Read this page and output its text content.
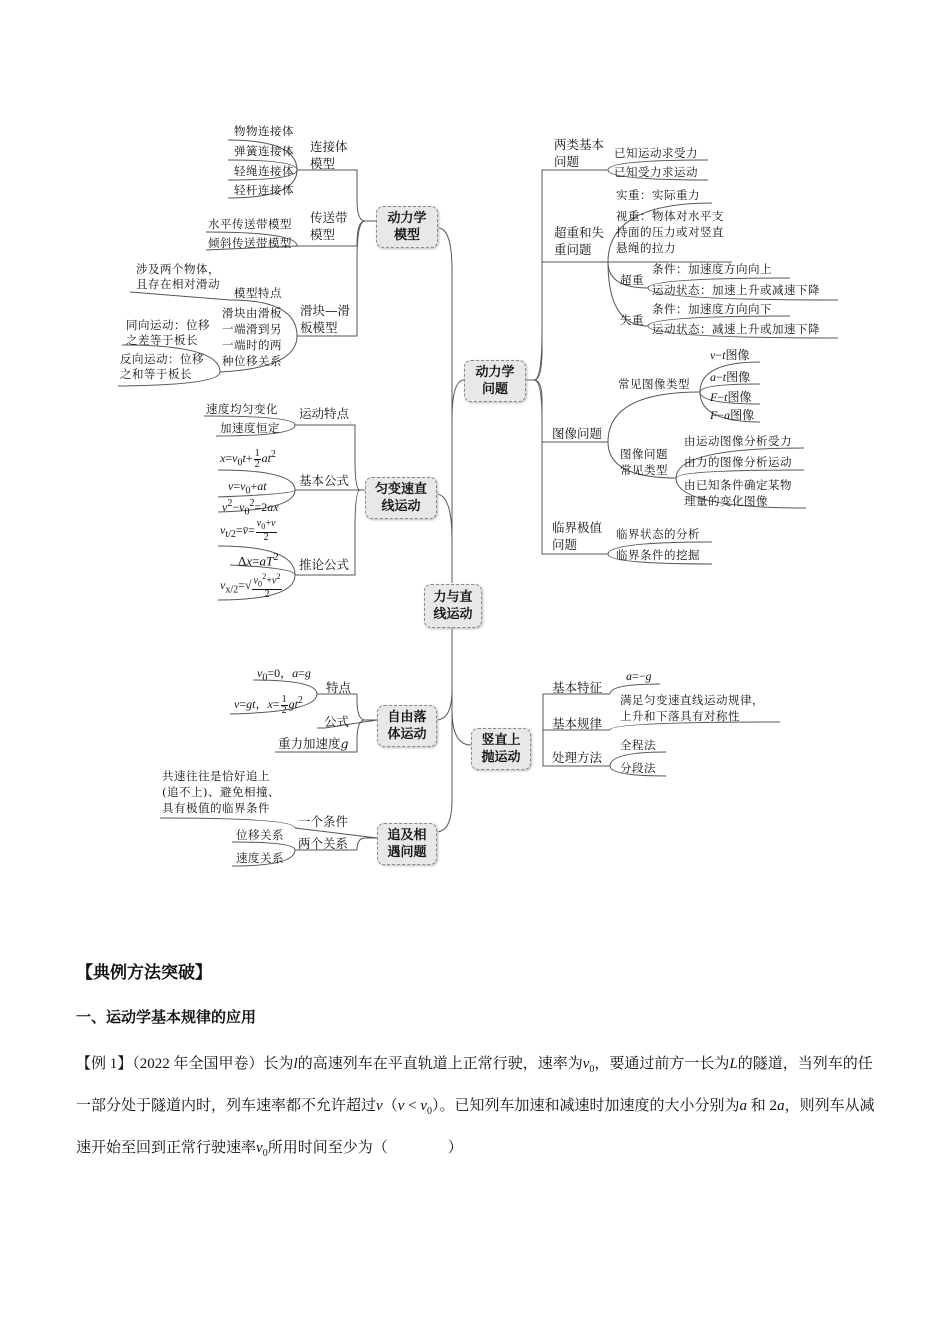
力与直
线运动
动力学
模型
连接体
模型
物物连接体
弹簧连接体
轻绳连接体
轻杆连接体
传送带
模型
水平传送带模型
倾斜传送带模型
滑块—滑
板模型
涉及两个物体，
且存在相对滑动
模型特点
滑块由滑板
一端滑到另
一端时的两
种位移关系
同向运动：位移
之差等于板长
反向运动：位移
之和等于板长
匀变速直
线运动
运动特点
速度均匀变化
加速度恒定
基本公式
$x=v_0t+ \frac{1}{2} at^2$
$v=v_0+at$
$v^2-v_0^2=2ax$
推论公式
$v_{t/2}=v̄= \frac{v_0+v}{2}$
$\Delta x=aT^2$
$v_{x/2}=√ \frac{v_0^2+v^2}{2}$
自由落
体运动
$v_0=0$，a=g
特点
v=gt，$x= \frac{1}{2} gt^2$
公式
重力加速度g
追及相
遇问题
共速往往是恰好追上
(追不上)、避免相撞、
具有极值的临界条件
一个条件
两个关系
位移关系
速度关系
动力学
问题
两类基本
问题
已知运动求受力
已知受力求运动
超重和失
重问题
实重：实际重力
视重：物体对水平支
持面的压力或对竖直
悬绳的拉力
超重
条件：加速度方向向上
运动状态：加速上升或减速下降
失重
条件：加速度方向向下
运动状态：减速上升或加速下降
图像问题
常见图像类型
v−t图像
a−t图像
F−t图像
F−a图像
图像问题
常见类型
由运动图像分析受力
由力的图像分析运动
由已知条件确定某物
理量的变化图像
临界极值
问题
临界状态的分析
临界条件的挖掘
竖直上
抛运动
基本特征
a=−g
基本规律
满足匀变速直线运动规律，
上升和下落具有对称性
处理方法
全程法
分段法
【典例方法突破】
一、运动学基本规律的应用
【例 1】（2022 年全国甲卷）长为l的高速列车在平直轨道上正常行驶，速率为$v_0$，要通过前方一长为L的隧道，当列车的任一部分处于隧道内时，列车速率都不允许超过$v(v < v_0)$。已知列车加速和减速时加速度的大小分别为a 和 2a，则列车从减速开始至回到正常行驶速率$v_0$所用时间至少为（　　　　）
